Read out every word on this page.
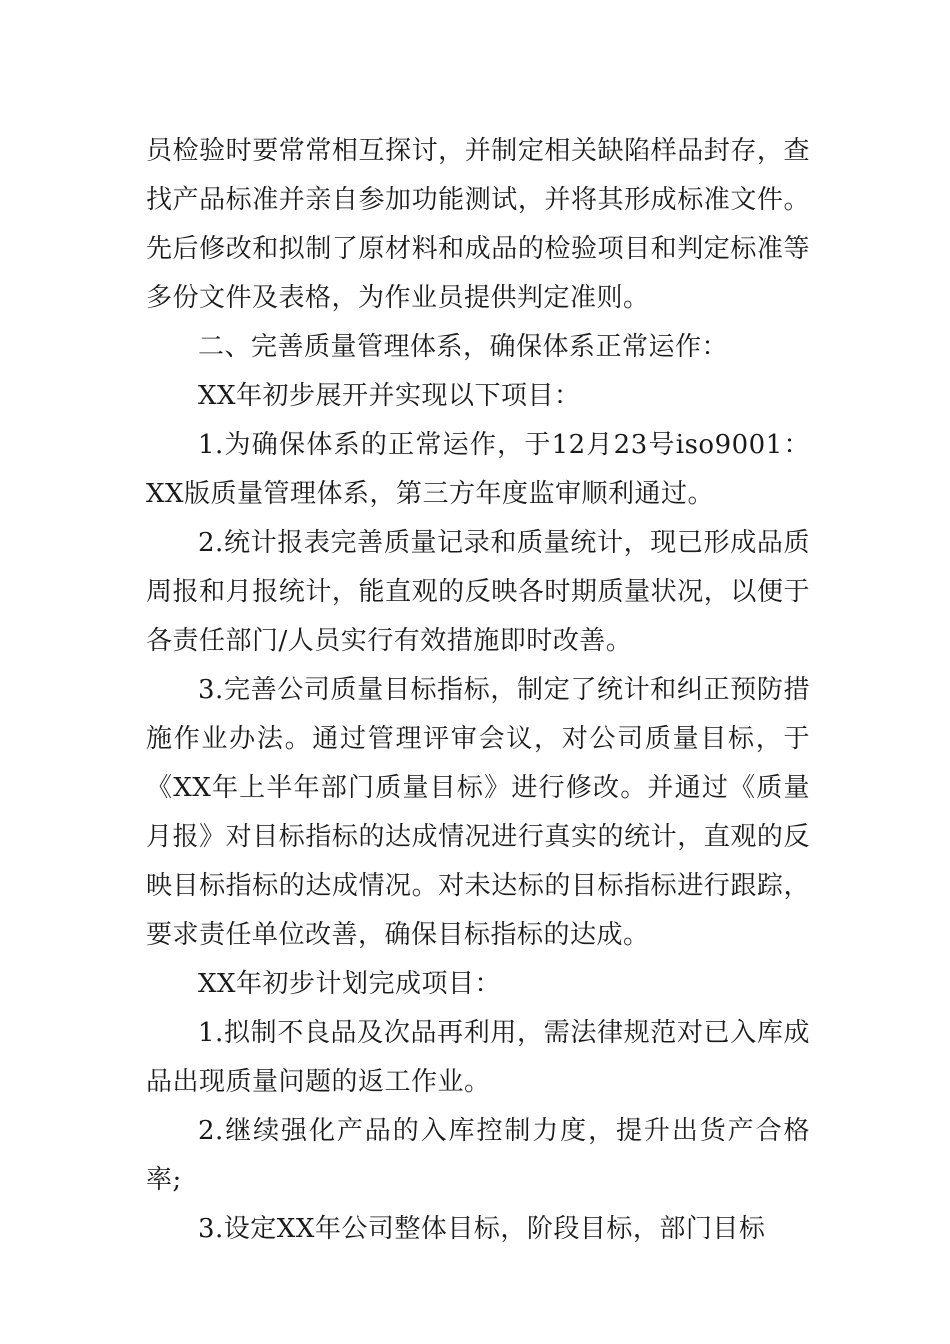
员检验时要常常相互探讨，并制定相关缺陷样品封存，查找产品标准并亲自参加功能测试，并将其形成标准文件。先后修改和拟制了原材料和成品的检验项目和判定标准等多份文件及表格，为作业员提供判定准则。

二、完善质量管理体系，确保体系正常运作：

XX年初步展开并实现以下项目：

1.为确保体系的正常运作，于12月23号iso9001：XX版质量管理体系，第三方年度监审顺利通过。

2.统计报表完善质量记录和质量统计，现已形成品质周报和月报统计，能直观的反映各时期质量状况，以便于各责任部门/人员实行有效措施即时改善。

3.完善公司质量目标指标，制定了统计和纠正预防措施作业办法。通过管理评审会议，对公司质量目标，于《XX年上半年部门质量目标》进行修改。并通过《质量月报》对目标指标的达成情况进行真实的统计，直观的反映目标指标的达成情况。对未达标的目标指标进行跟踪，要求责任单位改善，确保目标指标的达成。

XX年初步计划完成项目：

1.拟制不良品及次品再利用，需法律规范对已入库成品出现质量问题的返工作业。

2.继续强化产品的入库控制力度，提升出货产合格率;

3.设定XX年公司整体目标，阶段目标，部门目标
